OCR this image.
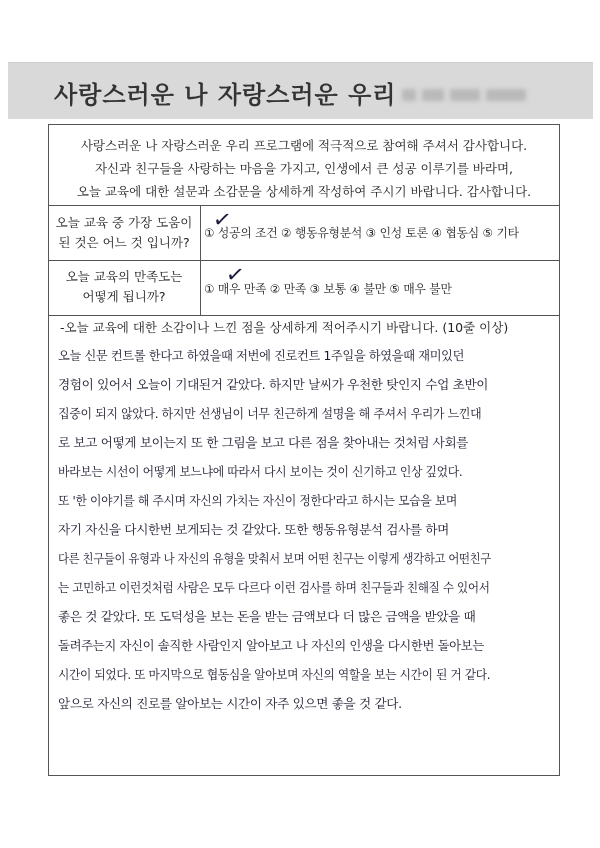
사랑스러운 나 자랑스러운 우리
사랑스러운 나 자랑스러운 우리 프로그램에 적극적으로 참여해 주셔서 감사합니다.
자신과 친구들을 사랑하는 마음을 가지고, 인생에서 큰 성공 이루기를 바라며,
오늘 교육에 대한 설문과 소감문을 상세하게 작성하여 주시기 바랍니다. 감사합니다.
오늘 교육 중 가장 도움이
된 것은 어느 것 입니까?
① 성공의 조건 ② 행동유형분석 ③ 인성 토론 ④ 협동심 ⑤ 기타
✓
오늘 교육의 만족도는
어떻게 됩니까?	① 매우 만족 ② 만족 ③ 보통 ④ 불만 ⑤ 매우 불만
✓
-오늘 교육에 대한 소감이나 느낀 점을 상세하게 적어주시기 바랍니다. (10줄 이상)
오늘 신문 컨트롤 한다고 하였을때 저번에 진로컨트 1주일을 하였을때 재미있던
경험이 있어서 오늘이 기대된거 같았다. 하지만 날씨가 우천한 탓인지 수업 초반이
집중이 되지 않았다. 하지만 선생님이 너무 친근하게 설명을 해 주셔서 우리가 느낀대
로 보고 어떻게 보이는지 또 한 그림을 보고 다른 점을 찾아내는 것처럼 사회를
바라보는 시선이 어떻게 보느냐에 따라서 다시 보이는 것이 신기하고 인상 깊었다.
또 '한 이야기를 해 주시며 자신의 가치는 자신이 정한다'라고 하시는 모습을 보며
자기 자신을 다시한번 보게되는 것 같았다. 또한 행동유형분석 검사를 하며
다른 친구들이 유형과 나 자신의 유형을 맞춰서 보며 어떤 친구는 이렇게 생각하고 어떤친구
는 고민하고 이런것처럼 사람은 모두 다르다 이런 검사를 하며 친구들과 친해질 수 있어서
좋은 것 같았다. 또 도덕성을 보는 돈을 받는 금액보다 더 많은 금액을 받았을 때
돌려주는지 자신이 솔직한 사람인지 알아보고 나 자신의 인생을 다시한번 돌아보는
시간이 되었다. 또 마지막으로 협동심을 알아보며 자신의 역할을 보는 시간이 된 거 같다.
앞으로 자신의 진로를 알아보는 시간이 자주 있으면 좋을 것 같다.
